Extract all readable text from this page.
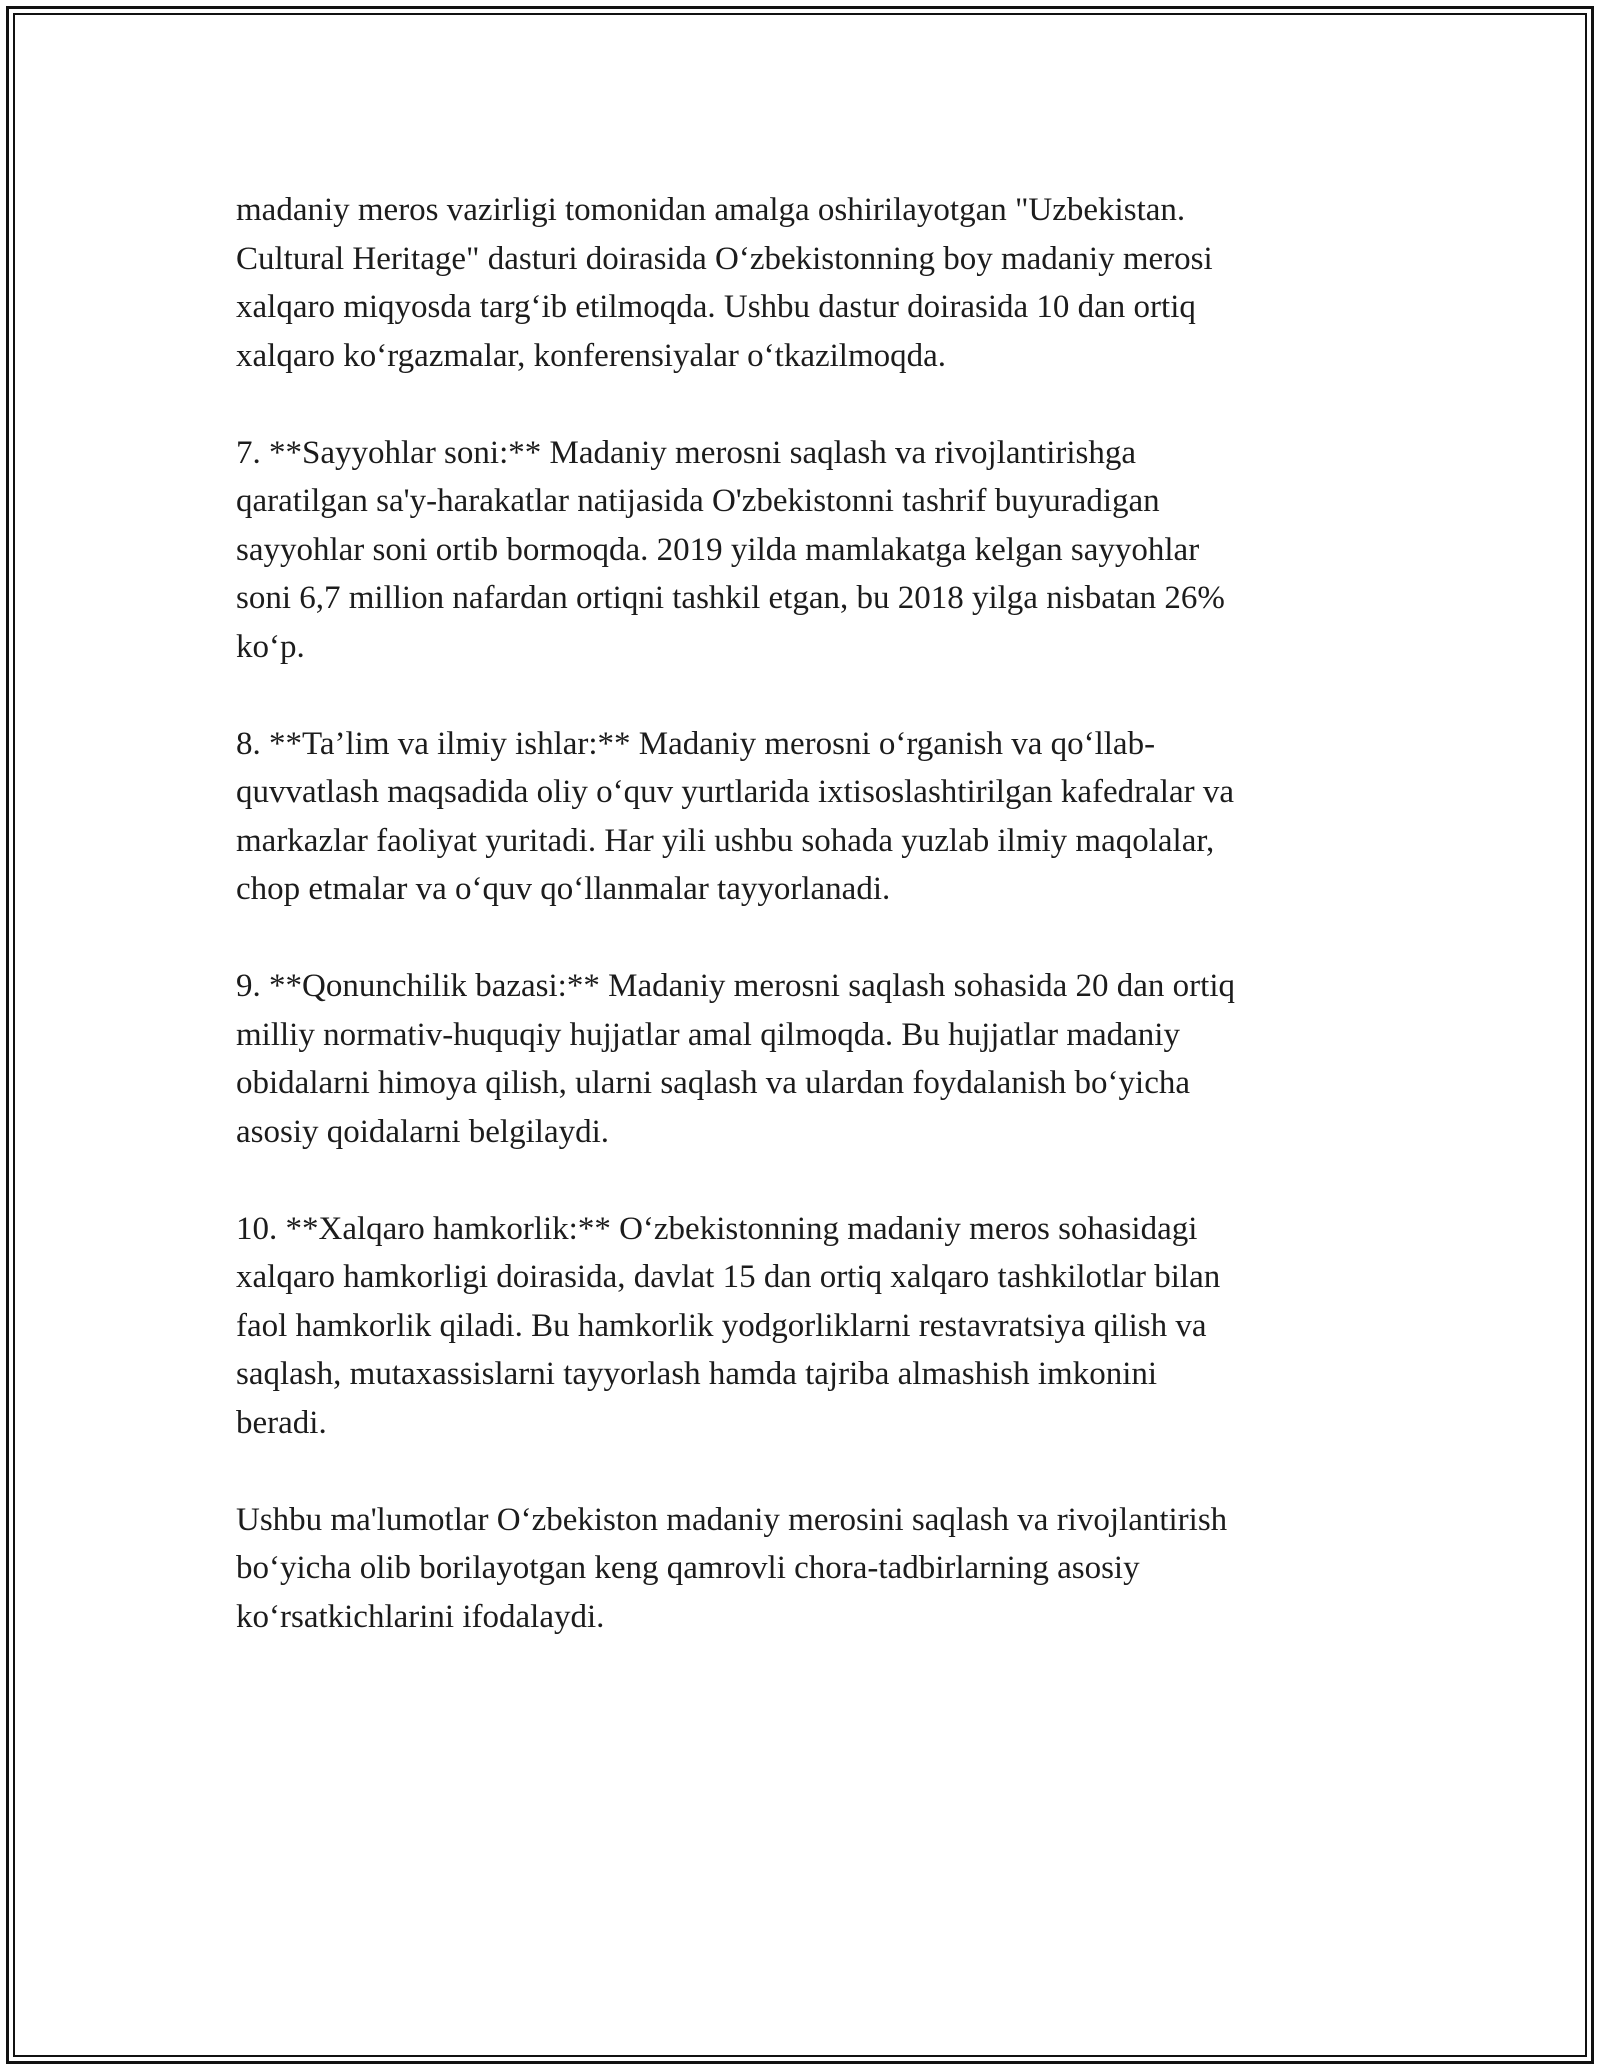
madaniy meros vazirligi tomonidan amalga oshirilayotgan "Uzbekistan.
Cultural Heritage" dasturi doirasida O‘zbekistonning boy madaniy merosi
xalqaro miqyosda targ‘ib etilmoqda. Ushbu dastur doirasida 10 dan ortiq
xalqaro ko‘rgazmalar, konferensiyalar o‘tkazilmoqda.

7. **Sayyohlar soni:** Madaniy merosni saqlash va rivojlantirishga
qaratilgan sa'y-harakatlar natijasida O'zbekistonni tashrif buyuradigan
sayyohlar soni ortib bormoqda. 2019 yilda mamlakatga kelgan sayyohlar
soni 6,7 million nafardan ortiqni tashkil etgan, bu 2018 yilga nisbatan 26%
ko‘p.

8. **Ta’lim va ilmiy ishlar:** Madaniy merosni o‘rganish va qo‘llab-
quvvatlash maqsadida oliy o‘quv yurtlarida ixtisoslashtirilgan kafedralar va
markazlar faoliyat yuritadi. Har yili ushbu sohada yuzlab ilmiy maqolalar,
chop etmalar va o‘quv qo‘llanmalar tayyorlanadi.

9. **Qonunchilik bazasi:** Madaniy merosni saqlash sohasida 20 dan ortiq
milliy normativ-huquqiy hujjatlar amal qilmoqda. Bu hujjatlar madaniy
obidalarni himoya qilish, ularni saqlash va ulardan foydalanish bo‘yicha
asosiy qoidalarni belgilaydi.

10. **Xalqaro hamkorlik:** O‘zbekistonning madaniy meros sohasidagi
xalqaro hamkorligi doirasida, davlat 15 dan ortiq xalqaro tashkilotlar bilan
faol hamkorlik qiladi. Bu hamkorlik yodgorliklarni restavratsiya qilish va
saqlash, mutaxassislarni tayyorlash hamda tajriba almashish imkonini
beradi.

Ushbu ma'lumotlar O‘zbekiston madaniy merosini saqlash va rivojlantirish
bo‘yicha olib borilayotgan keng qamrovli chora-tadbirlarning asosiy
ko‘rsatkichlarini ifodalaydi.
